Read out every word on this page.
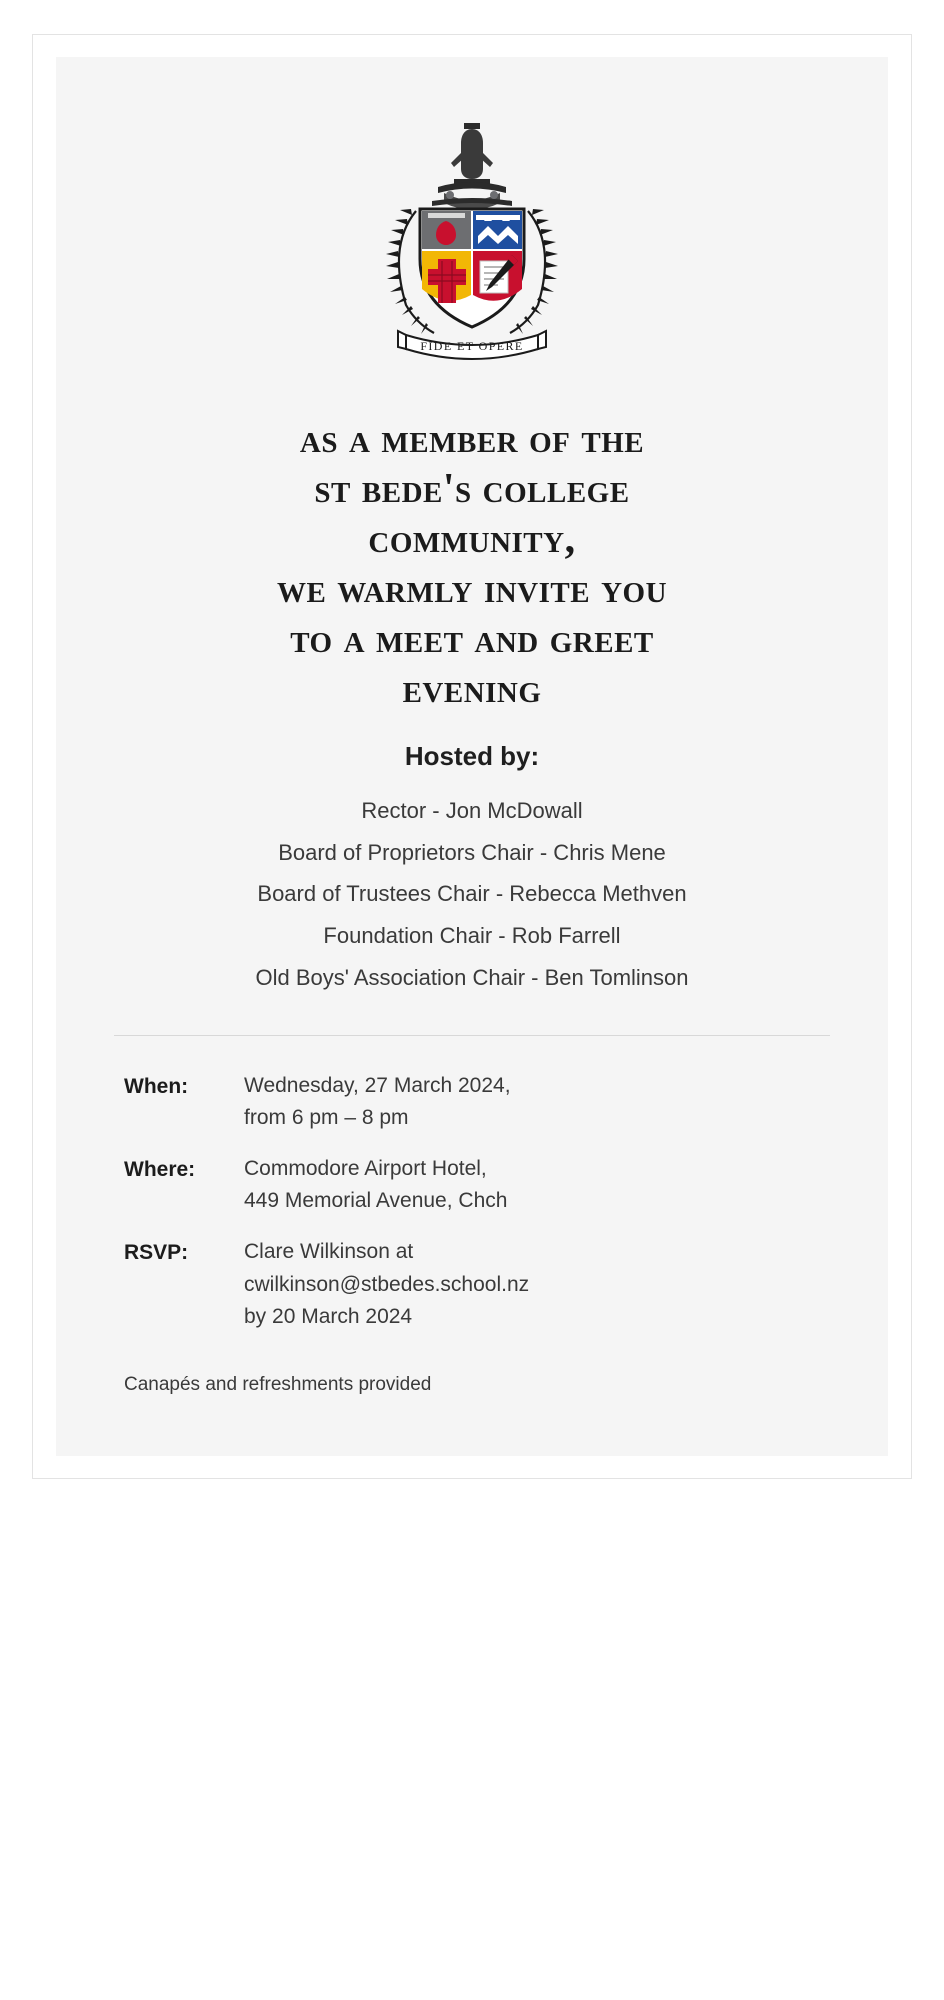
FIDE ET OPERE
as a member of the
st bede's college
community,
we warmly invite you
to a meet and greet
evening
Hosted by:
Rector - Jon McDowall
Board of Proprietors Chair - Chris Mene
Board of Trustees Chair - Rebecca Methven
Foundation Chair - Rob Farrell
Old Boys' Association Chair - Ben Tomlinson
When:	Wednesday, 27 March 2024,
from 6 pm – 8 pm
Where:	Commodore Airport Hotel,
449 Memorial Avenue, Chch
RSVP:	Clare Wilkinson at
cwilkinson@stbedes.school.nz
by 20 March 2024
Canapés and refreshments provided
